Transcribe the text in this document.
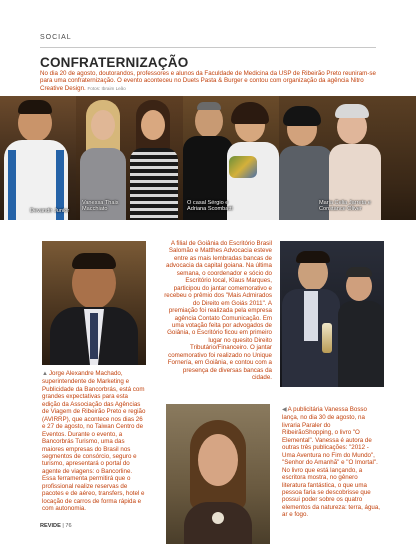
SOCIAL
CONFRATERNIZAÇÃO
No dia 20 de agosto, doutorandos, professores e alunos da Faculdade de Medicina da USP de Ribeirão Preto reuniram-se para uma confraternização. O evento aconteceu no Duets Pasta & Burger e contou com organização da agência Nitro Creative Design. Fotos: Ibraim Leão
Devandir Junior
Vanessa Thais
Macchiato
O casal Sérgio e
Adriana Scombatti
Maria Celia Jarreta e
Constance Oliver
A filial de Goiânia do Escritório Brasil Salomão e Matthes Advocacia esteve entre as mais lembradas bancas de advocacia da capital goiana. Na última semana, o coordenador e sócio do Escritório local, Klaus Marques, participou do jantar comemorativo e recebeu o prêmio dos "Mais Admirados do Direito em Goiás 2011". A premiação foi realizada pela empresa agência Contato Comunicação. Em uma votação feita por advogados de Goiânia, o Escritório ficou em primeiro lugar no quesito Direito Tributário/Financeiro. O jantar comemorativo foi realizado no Unique Fornería, em Goiânia, e contou com a presença de diversas bancas da cidade.
▲Jorge Alexandre Machado, superintendente de Marketing e Publicidade da Bancorbrás, está com grandes expectativas para esta edição da Associação das Agências de Viagem de Ribeirão Preto e região (AVIRRP), que acontece nos dias 26 e 27 de agosto, no Taiwan Centro de Eventos. Durante o evento, a Bancorbrás Turismo, uma das maiores empresas do Brasil nos segmentos de consórcio, seguro e turismo, apresentará o portal do agente de viagens: o Bancorline. Essa ferramenta permitirá que o profissional realize reservas de pacotes e de aéreo, transfers, hotel e locação de carros de forma rápida e com autonomia.
◀A publicitária Vanessa Bosso lança, no dia 30 de agosto, na livraria Paraler do RibeirãoShopping, o livro "O Elemental". Vanessa é autora de outras três publicações: "2012 - Uma Aventura no Fim do Mundo", "Senhor do Amanhã" e "O Imortal". No livro que está lançando, a escritora mostra, no gênero literatura fantástica, o que uma pessoa faria se descobrisse que possui poder sobre os quatro elementos da natureza: terra, água, ar e fogo.
REVIDE | 76
